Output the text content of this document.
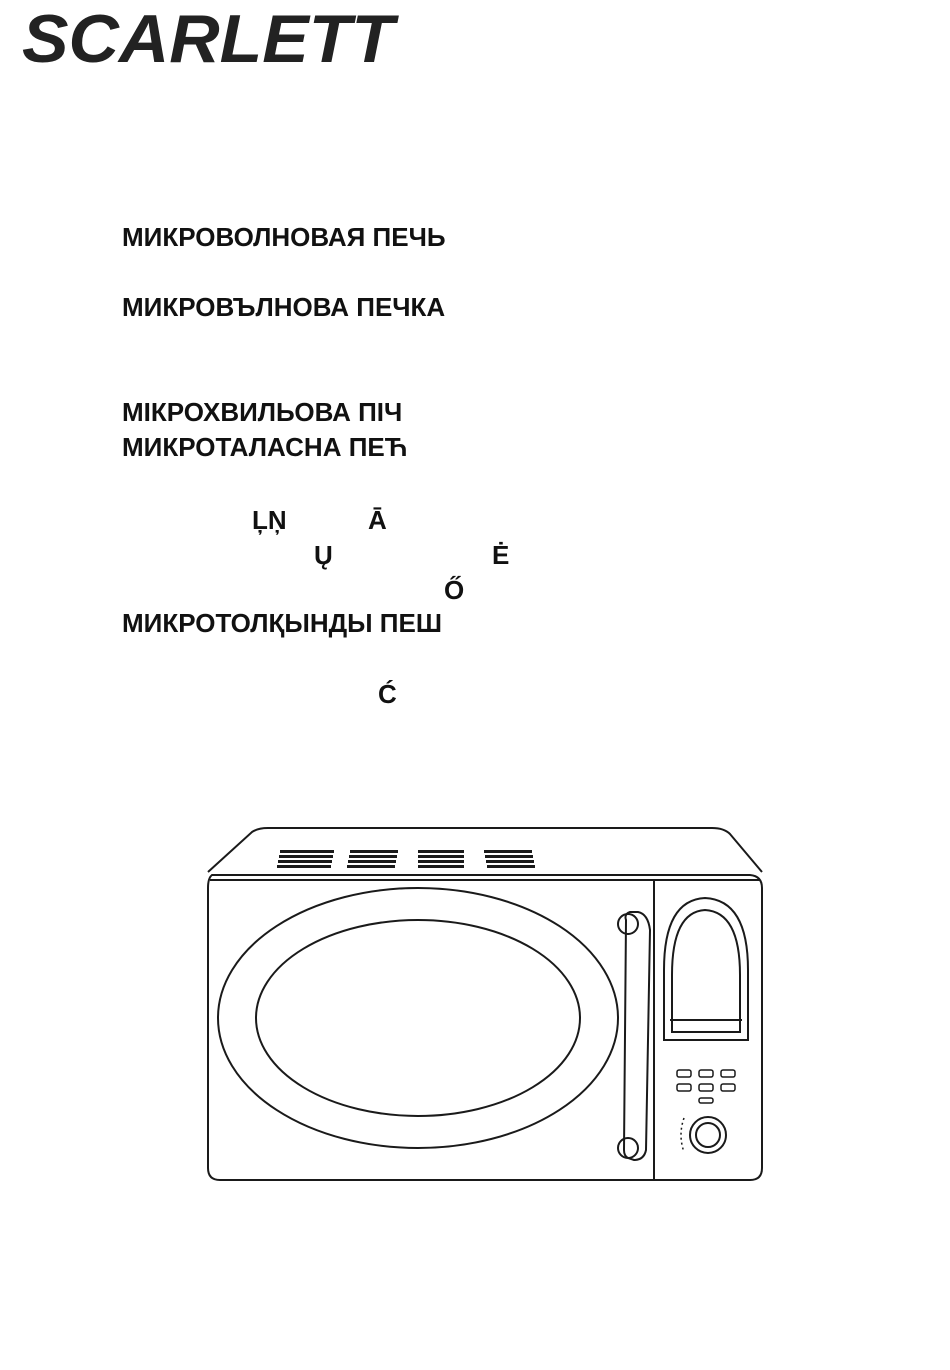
SCARLETT
МИКРОВОЛНОВАЯ ПЕЧЬ
МИКРОВЪЛНОВА ПЕЧКА
МІКРОХВИЛЬОВА ПІЧ
МИКРОТАЛАСНА ПЕЋ
ĻŅ	Ā
Ų	Ė
Ő
МИКРОТОЛҚЫНДЫ ПЕШ
Ć
